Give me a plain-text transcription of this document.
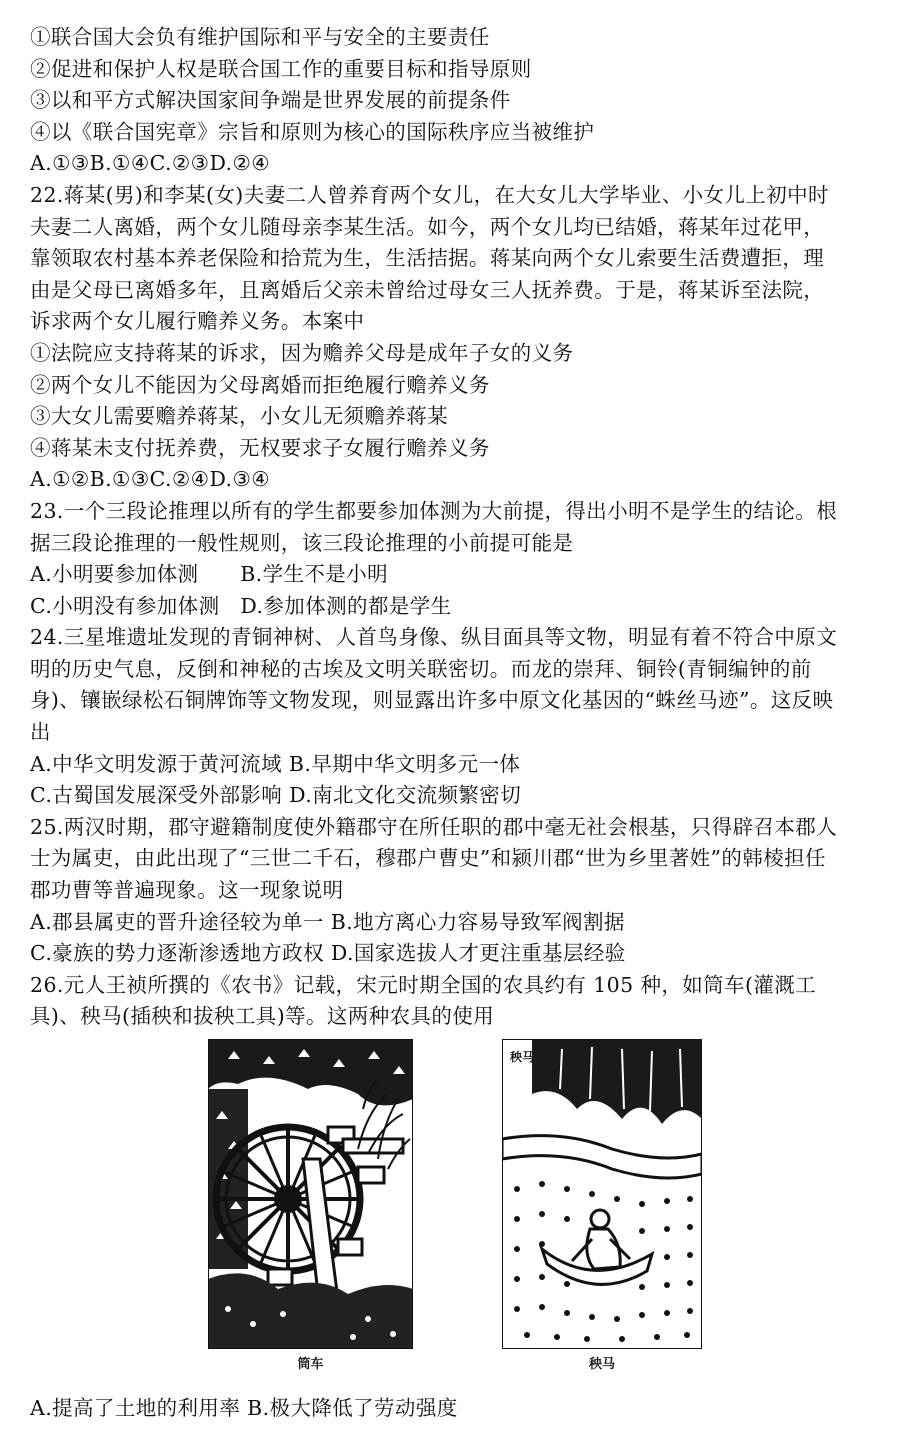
①联合国大会负有维护国际和平与安全的主要责任
②促进和保护人权是联合国工作的重要目标和指导原则
③以和平方式解决国家间争端是世界发展的前提条件
④以《联合国宪章》宗旨和原则为核心的国际秩序应当被维护
A.①③B.①④C.②③D.②④
22.蒋某(男)和李某(女)夫妻二人曾养育两个女儿，在大女儿大学毕业、小女儿上初中时
夫妻二人离婚，两个女儿随母亲李某生活。如今，两个女儿均已结婚，蒋某年过花甲，
靠领取农村基本养老保险和拾荒为生，生活拮据。蒋某向两个女儿索要生活费遭拒，理
由是父母已离婚多年，且离婚后父亲未曾给过母女三人抚养费。于是，蒋某诉至法院，
诉求两个女儿履行赡养义务。本案中
①法院应支持蒋某的诉求，因为赡养父母是成年子女的义务
②两个女儿不能因为父母离婚而拒绝履行赡养义务
③大女儿需要赡养蒋某，小女儿无须赡养蒋某
④蒋某未支付抚养费，无权要求子女履行赡养义务
A.①②B.①③C.②④D.③④
23.一个三段论推理以所有的学生都要参加体测为大前提，得出小明不是学生的结论。根
据三段论推理的一般性规则，该三段论推理的小前提可能是
A.小明要参加体测　　B.学生不是小明
C.小明没有参加体测　D.参加体测的都是学生
24.三星堆遗址发现的青铜神树、人首鸟身像、纵目面具等文物，明显有着不符合中原文
明的历史气息，反倒和神秘的古埃及文明关联密切。而龙的崇拜、铜铃(青铜编钟的前
身)、镶嵌绿松石铜牌饰等文物发现，则显露出许多中原文化基因的“蛛丝马迹”。这反映
出
A.中华文明发源于黄河流域 B.早期中华文明多元一体
C.古蜀国发展深受外部影响 D.南北文化交流频繁密切
25.两汉时期，郡守避籍制度使外籍郡守在所任职的郡中毫无社会根基，只得辟召本郡人
士为属吏，由此出现了“三世二千石，穆郡户曹史”和颍川郡“世为乡里著姓”的韩棱担任
郡功曹等普遍现象。这一现象说明
A.郡县属吏的晋升途径较为单一 B.地方离心力容易导致军阀割据
C.豪族的势力逐渐渗透地方政权 D.国家选拔人才更注重基层经验
26.元人王祯所撰的《农书》记载，宋元时期全国的农具约有 105 种，如筒车(灌溉工
具)、秧马(插秧和拔秧工具)等。这两种农具的使用
筒车
秧马
秧马
A.提高了土地的利用率 B.极大降低了劳动强度
